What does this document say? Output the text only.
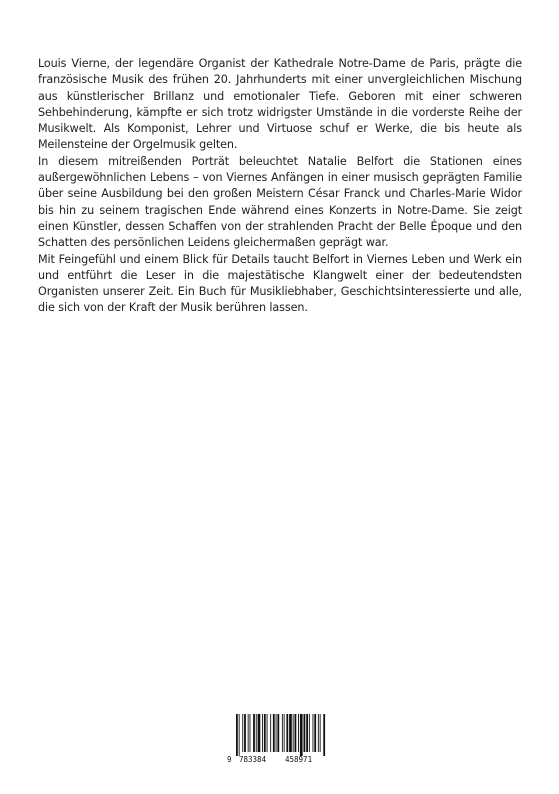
Louis Vierne, der legendäre Organist der Kathedrale Notre-Dame de Paris, prägte die französische Musik des frühen 20. Jahrhunderts mit einer unvergleichlichen Mischung aus künstlerischer Brillanz und emotionaler Tiefe. Geboren mit einer schweren Sehbehinderung, kämpfte er sich trotz widrigster Umstände in die vorderste Reihe der Musikwelt. Als Komponist, Lehrer und Virtuose schuf er Werke, die bis heute als Meilensteine der Orgelmusik gelten.

In diesem mitreißenden Porträt beleuchtet Natalie Belfort die Stationen eines außergewöhnlichen Lebens – von Viernes Anfängen in einer musisch geprägten Familie über seine Ausbildung bei den großen Meistern César Franck und Charles-Marie Widor bis hin zu seinem tragischen Ende während eines Konzerts in Notre-Dame. Sie zeigt einen Künstler, dessen Schaffen von der strahlenden Pracht der Belle Époque und den Schatten des persönlichen Leidens gleichermaßen geprägt war.

Mit Feingefühl und einem Blick für Details taucht Belfort in Viernes Leben und Werk ein und entführt die Leser in die majestätische Klangwelt einer der bedeutendsten Organisten unserer Zeit. Ein Buch für Musikliebhaber, Geschichtsinteressierte und alle, die sich von der Kraft der Musik berühren lassen.

9 783384	458971
